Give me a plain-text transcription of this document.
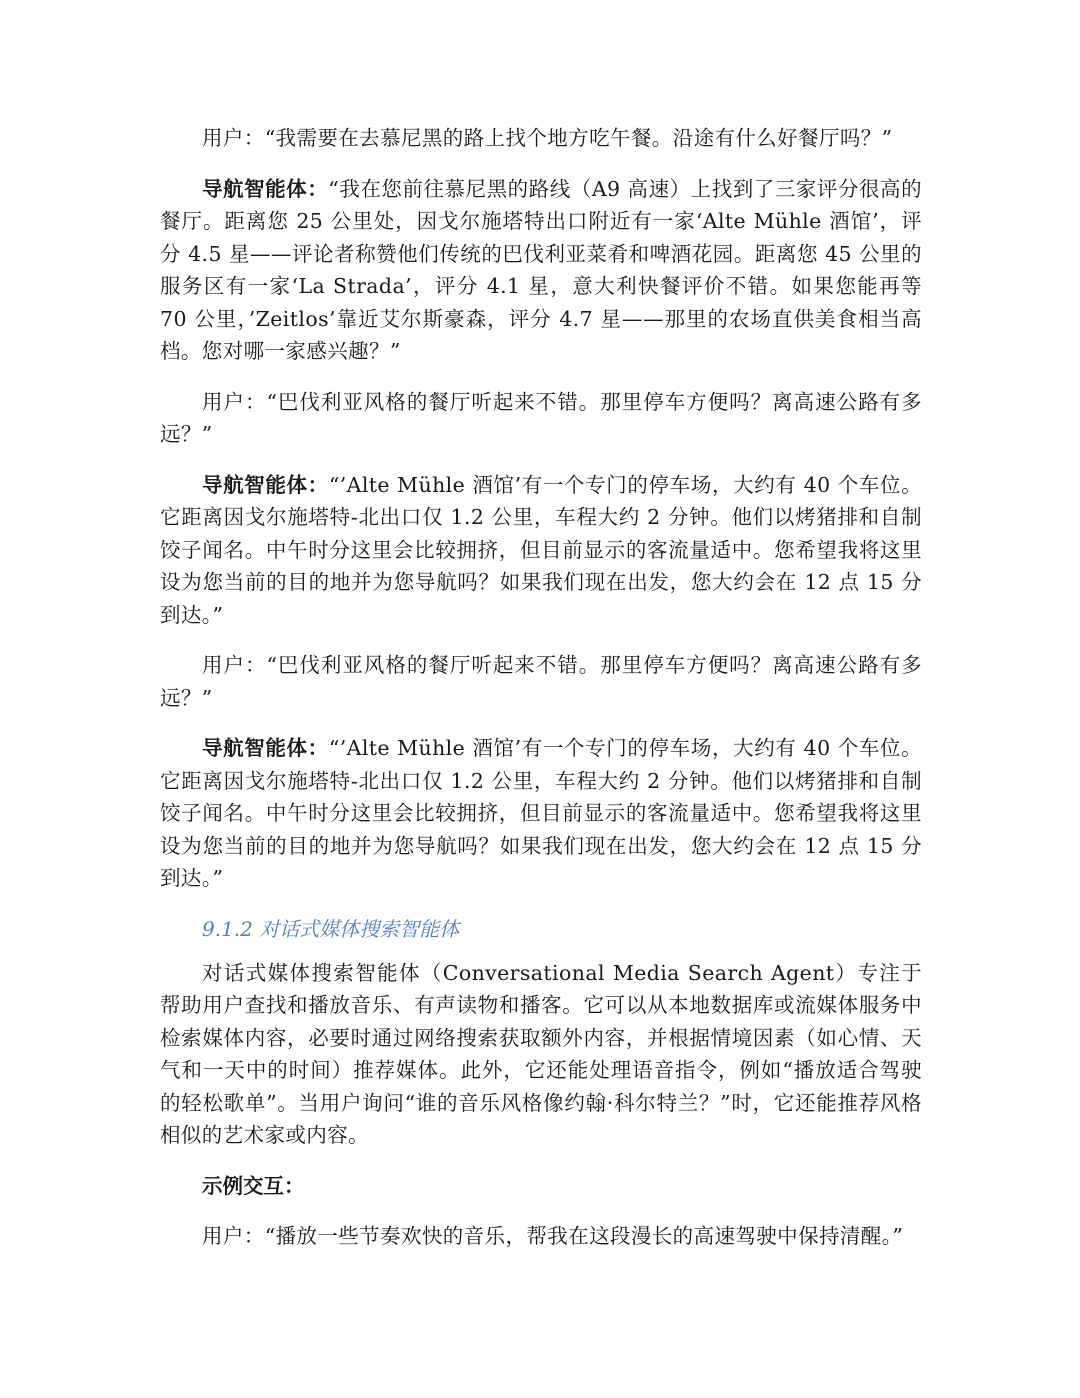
用户：“我需要在去慕尼黑的路上找个地方吃午餐。沿途有什么好餐厅吗？”

导航智能体：“我在您前往慕尼黑的路线（A9 高速）上找到了三家评分很高的餐厅。距离您 25 公里处，因戈尔施塔特出口附近有一家‘Alte Mühle 酒馆’，评分 4.5 星——评论者称赞他们传统的巴伐利亚菜肴和啤酒花园。距离您 45 公里的服务区有一家‘La Strada’，评分 4.1 星，意大利快餐评价不错。如果您能再等 70 公里，’Zeitlos’靠近艾尔斯豪森，评分 4.7 星——那里的农场直供美食相当高档。您对哪一家感兴趣？”

用户：“巴伐利亚风格的餐厅听起来不错。那里停车方便吗？离高速公路有多远？”

导航智能体：“’Alte Mühle 酒馆’有一个专门的停车场，大约有 40 个车位。它距离因戈尔施塔特-北出口仅 1.2 公里，车程大约 2 分钟。他们以烤猪排和自制饺子闻名。中午时分这里会比较拥挤，但目前显示的客流量适中。您希望我将这里设为您当前的目的地并为您导航吗？如果我们现在出发，您大约会在 12 点 15 分到达。”

用户：“巴伐利亚风格的餐厅听起来不错。那里停车方便吗？离高速公路有多远？”

导航智能体：“’Alte Mühle 酒馆’有一个专门的停车场，大约有 40 个车位。它距离因戈尔施塔特-北出口仅 1.2 公里，车程大约 2 分钟。他们以烤猪排和自制饺子闻名。中午时分这里会比较拥挤，但目前显示的客流量适中。您希望我将这里设为您当前的目的地并为您导航吗？如果我们现在出发，您大约会在 12 点 15 分到达。”

9.1.2 对话式媒体搜索智能体

对话式媒体搜索智能体（Conversational Media Search Agent）专注于帮助用户查找和播放音乐、有声读物和播客。它可以从本地数据库或流媒体服务中检索媒体内容，必要时通过网络搜索获取额外内容，并根据情境因素（如心情、天气和一天中的时间）推荐媒体。此外，它还能处理语音指令，例如“播放适合驾驶的轻松歌单”。当用户询问“谁的音乐风格像约翰·科尔特兰？”时，它还能推荐风格相似的艺术家或内容。

示例交互：

用户：“播放一些节奏欢快的音乐，帮我在这段漫长的高速驾驶中保持清醒。”
